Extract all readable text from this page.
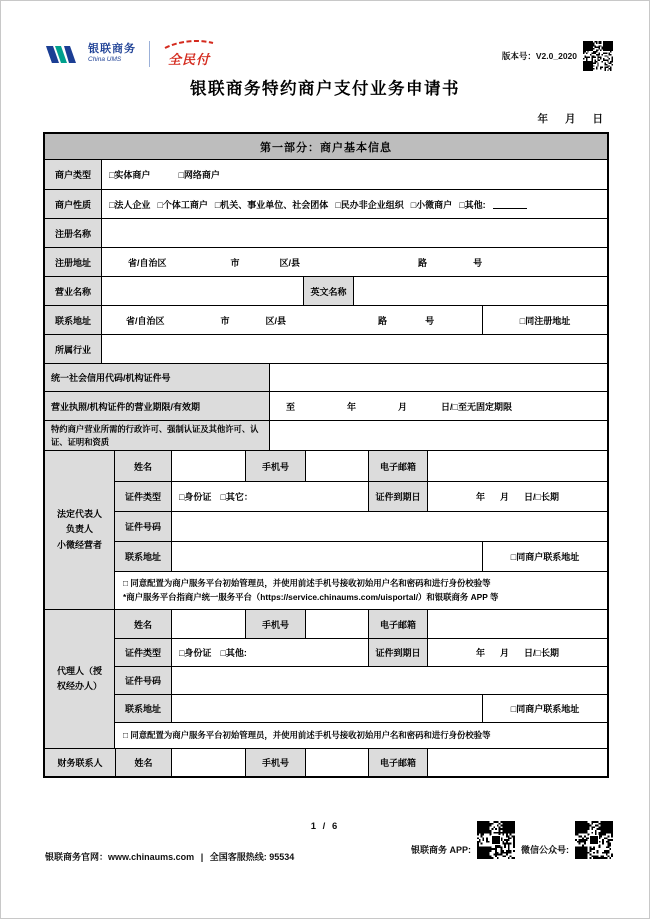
银联商务
China UMS	全民付	版本号：V2.0_2020
银联商务特约商户支付业务申请书
年 月 日
第一部分：商户基本信息
商户类型	□实体商户	□网络商户
商户性质	□法人企业 □个体工商户 □机关、事业单位、社会团体 □民办非企业组织 □小微商户 □其他:
注册名称
注册地址	省/自治区	市	区/县	路	号
营业名称	英文名称
联系地址	省/自治区	市	区/县	路	号	□同注册地址
所属行业
统一社会信用代码/机构证件号
营业执照/机构证件的营业期限/有效期	至	年	月	日/□至无固定期限
特约商户营业所需的行政许可、强制认证及其他许可、认证、证明和资质
法定代表人
负责人
小微经营者
姓名	手机号	电子邮箱
证件类型	□身份证 □其它：	证件到期日	年 月 日/□长期
证件号码
联系地址	□同商户联系地址
□ 同意配置为商户服务平台初始管理员，并使用前述手机号接收初始用户名和密码和进行身份校验等
*商户服务平台指商户统一服务平台（https://service.chinaums.com/uisportal/）和银联商务 APP 等
代理人（授权经办人）
姓名	手机号	电子邮箱
证件类型	□身份证 □其他:	证件到期日	年 月 日/□长期
证件号码
联系地址	□同商户联系地址
□ 同意配置为商户服务平台初始管理员，并使用前述手机号接收初始用户名和密码和进行身份校验等
财务联系人	姓名	手机号	电子邮箱
1 / 6
银联商务官网：www.chinaums.com | 全国客服热线: 95534
银联商务 APP:	微信公众号:
